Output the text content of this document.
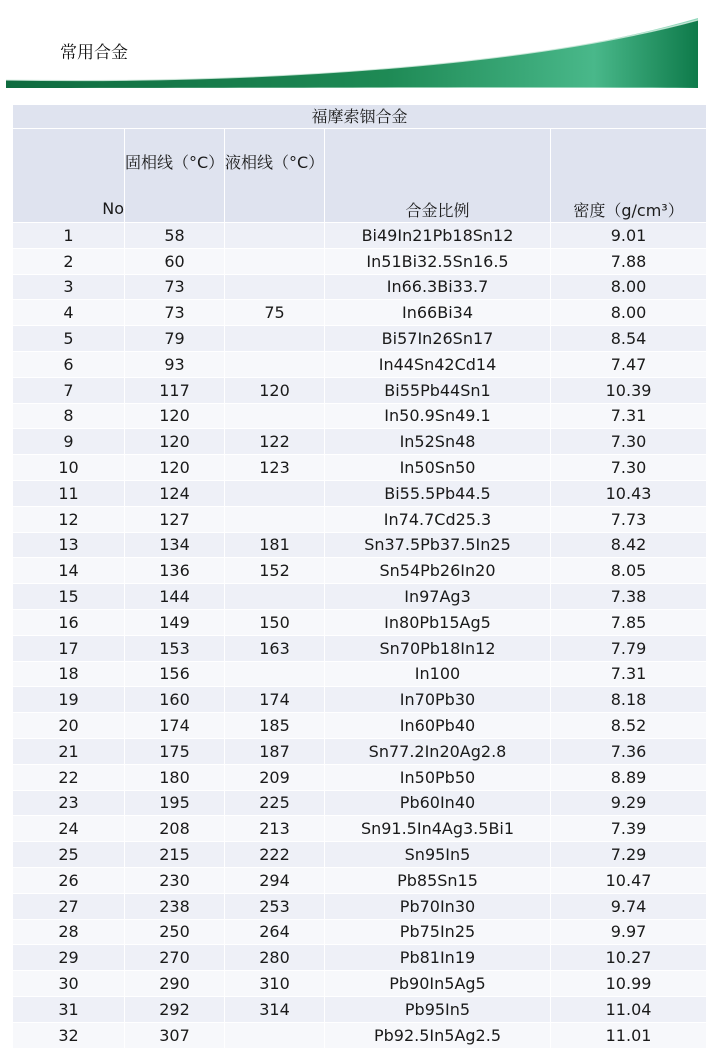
常用合金
福摩索铟合金				
No	固相线（°C）	液相线（°C）	合金比例	密度（g/cm³）
1	58		Bi49In21Pb18Sn12	9.01
2	60		In51Bi32.5Sn16.5	7.88
3	73		In66.3Bi33.7	8.00
4	73	75	In66Bi34	8.00
5	79		Bi57In26Sn17	8.54
6	93		In44Sn42Cd14	7.47
7	117	120	Bi55Pb44Sn1	10.39
8	120		In50.9Sn49.1	7.31
9	120	122	In52Sn48	7.30
10	120	123	In50Sn50	7.30
11	124		Bi55.5Pb44.5	10.43
12	127		In74.7Cd25.3	7.73
13	134	181	Sn37.5Pb37.5In25	8.42
14	136	152	Sn54Pb26In20	8.05
15	144		In97Ag3	7.38
16	149	150	In80Pb15Ag5	7.85
17	153	163	Sn70Pb18In12	7.79
18	156		In100	7.31
19	160	174	In70Pb30	8.18
20	174	185	In60Pb40	8.52
21	175	187	Sn77.2In20Ag2.8	7.36
22	180	209	In50Pb50	8.89
23	195	225	Pb60In40	9.29
24	208	213	Sn91.5In4Ag3.5Bi1	7.39
25	215	222	Sn95In5	7.29
26	230	294	Pb85Sn15	10.47
27	238	253	Pb70In30	9.74
28	250	264	Pb75In25	9.97
29	270	280	Pb81In19	10.27
30	290	310	Pb90In5Ag5	10.99
31	292	314	Pb95In5	11.04
32	307		Pb92.5In5Ag2.5	11.01
